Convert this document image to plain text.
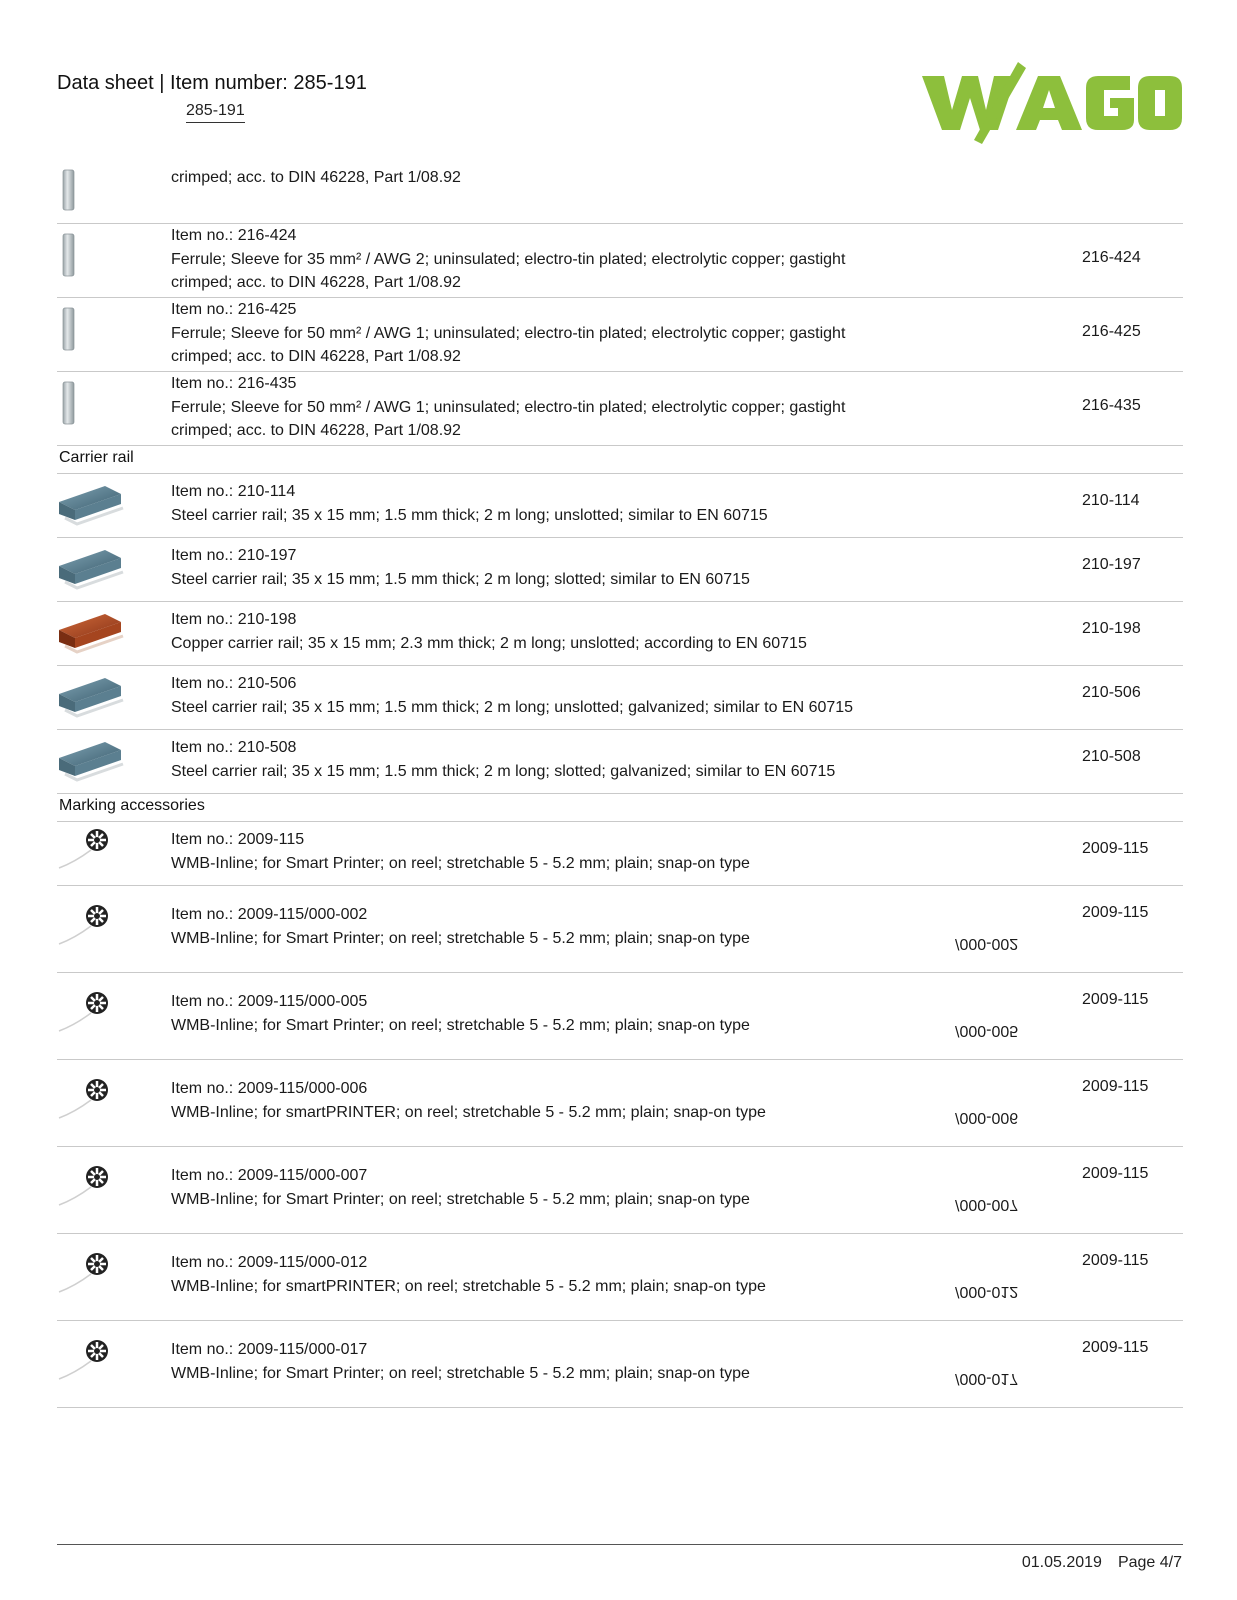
Data sheet | Item number: 285-191
285-191
crimped; acc. to DIN 46228, Part 1/08.92
Item no.: 216-424
Ferrule; Sleeve for 35 mm² / AWG 2; uninsulated; electro-tin plated; electrolytic copper; gastight
crimped; acc. to DIN 46228, Part 1/08.92
216-424
Item no.: 216-425
Ferrule; Sleeve for 50 mm² / AWG 1; uninsulated; electro-tin plated; electrolytic copper; gastight
crimped; acc. to DIN 46228, Part 1/08.92
216-425
Item no.: 216-435
Ferrule; Sleeve for 50 mm² / AWG 1; uninsulated; electro-tin plated; electrolytic copper; gastight
crimped; acc. to DIN 46228, Part 1/08.92
216-435
Carrier rail
Item no.: 210-114
Steel carrier rail; 35 x 15 mm; 1.5 mm thick; 2 m long; unslotted; similar to EN 60715
210-114
Item no.: 210-197
Steel carrier rail; 35 x 15 mm; 1.5 mm thick; 2 m long; slotted; similar to EN 60715
210-197
Item no.: 210-198
Copper carrier rail; 35 x 15 mm; 2.3 mm thick; 2 m long; unslotted; according to EN 60715
210-198
Item no.: 210-506
Steel carrier rail; 35 x 15 mm; 1.5 mm thick; 2 m long; unslotted; galvanized; similar to EN 60715
210-506
Item no.: 210-508
Steel carrier rail; 35 x 15 mm; 1.5 mm thick; 2 m long; slotted; galvanized; similar to EN 60715
210-508
Marking accessories
Item no.: 2009-115
WMB-Inline; for Smart Printer; on reel; stretchable 5 - 5.2 mm; plain; snap-on type
2009-115
Item no.: 2009-115/000-002
WMB-Inline; for Smart Printer; on reel; stretchable 5 - 5.2 mm; plain; snap-on type
2009-115
/000-002
Item no.: 2009-115/000-005
WMB-Inline; for Smart Printer; on reel; stretchable 5 - 5.2 mm; plain; snap-on type
2009-115
/000-005
Item no.: 2009-115/000-006
WMB-Inline; for smartPRINTER; on reel; stretchable 5 - 5.2 mm; plain; snap-on type
2009-115
/000-006
Item no.: 2009-115/000-007
WMB-Inline; for Smart Printer; on reel; stretchable 5 - 5.2 mm; plain; snap-on type
2009-115
/000-007
Item no.: 2009-115/000-012
WMB-Inline; for smartPRINTER; on reel; stretchable 5 - 5.2 mm; plain; snap-on type
2009-115
/000-012
Item no.: 2009-115/000-017
WMB-Inline; for Smart Printer; on reel; stretchable 5 - 5.2 mm; plain; snap-on type
2009-115
/000-017
01.05.2019 Page 4/7
